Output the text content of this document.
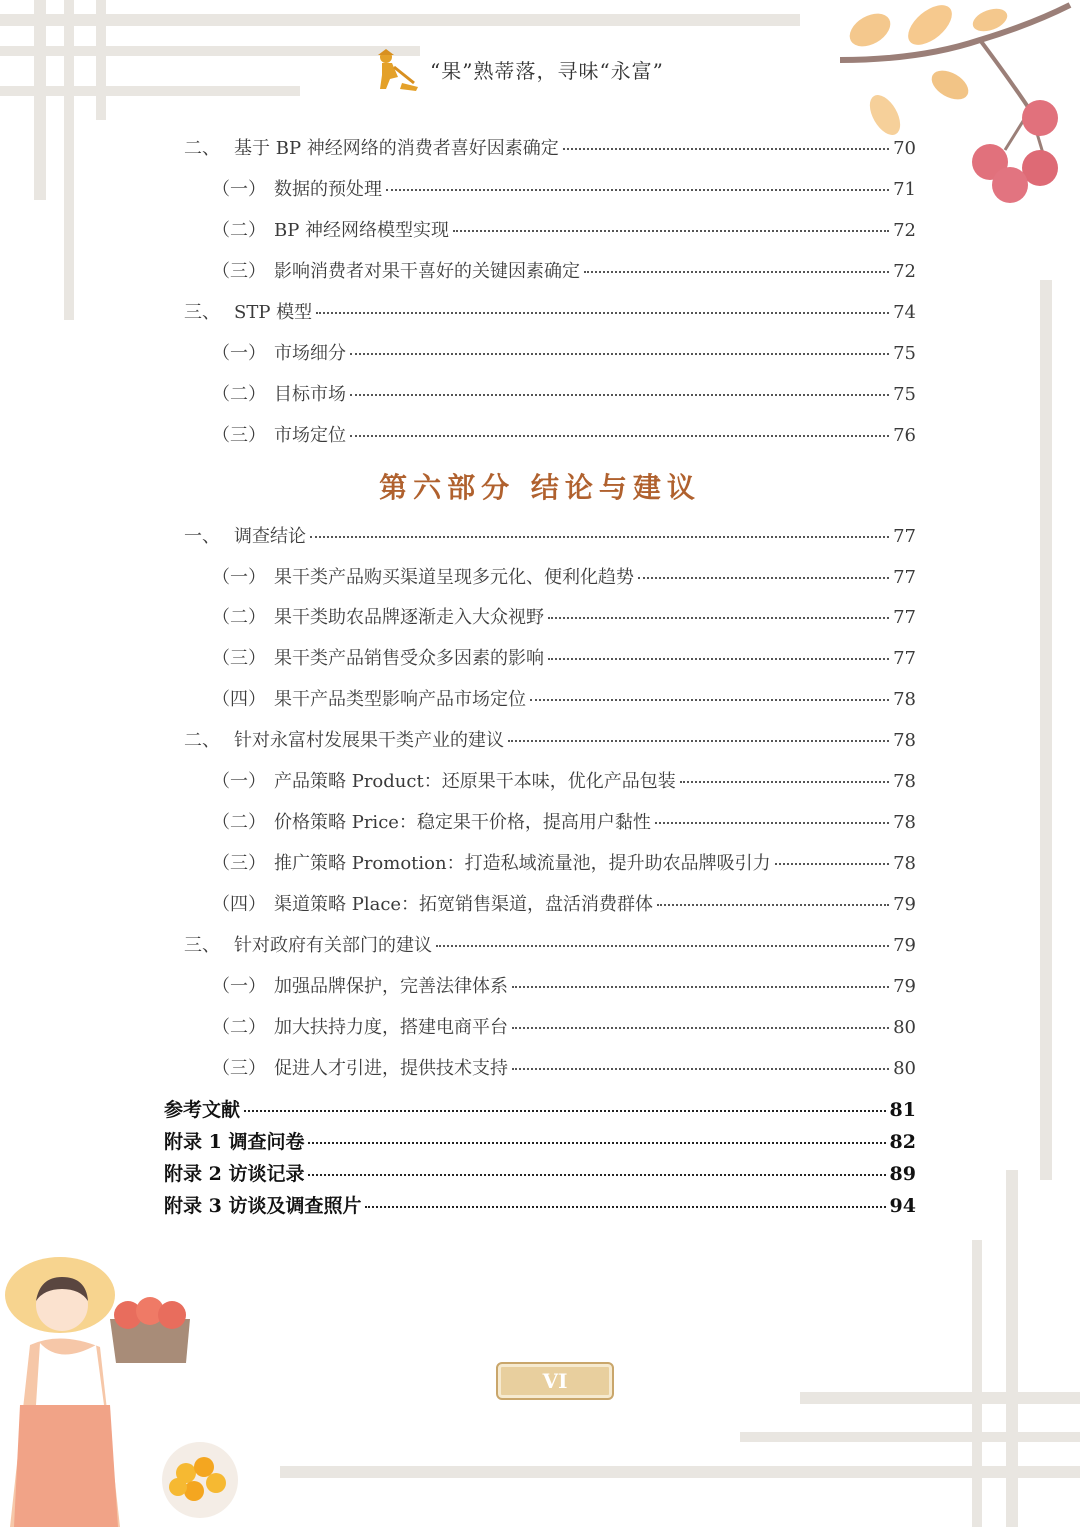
“果”熟蒂落，寻味“永富”
二、 基于 BP 神经网络的消费者喜好因素确定	70
（一） 数据的预处理	71
（二） BP 神经网络模型实现	72
（三） 影响消费者对果干喜好的关键因素确定	72
三、 STP 模型	74
（一） 市场细分	75
（二） 目标市场	75
（三） 市场定位	76
第六部分 结论与建议
一、 调查结论	77
（一） 果干类产品购买渠道呈现多元化、便利化趋势	77
（二） 果干类助农品牌逐渐走入大众视野	77
（三） 果干类产品销售受众多因素的影响	77
（四） 果干产品类型影响产品市场定位	78
二、 针对永富村发展果干类产业的建议	78
（一） 产品策略 Product：还原果干本味，优化产品包装	78
（二） 价格策略 Price：稳定果干价格，提高用户黏性	78
（三） 推广策略 Promotion：打造私域流量池，提升助农品牌吸引力	78
（四） 渠道策略 Place：拓宽销售渠道，盘活消费群体	79
三、 针对政府有关部门的建议	79
（一） 加强品牌保护，完善法律体系	79
（二） 加大扶持力度，搭建电商平台	80
（三） 促进人才引进，提供技术支持	80
参考文献	81
附录 1 调查问卷	82
附录 2 访谈记录	89
附录 3 访谈及调查照片	94
VI
